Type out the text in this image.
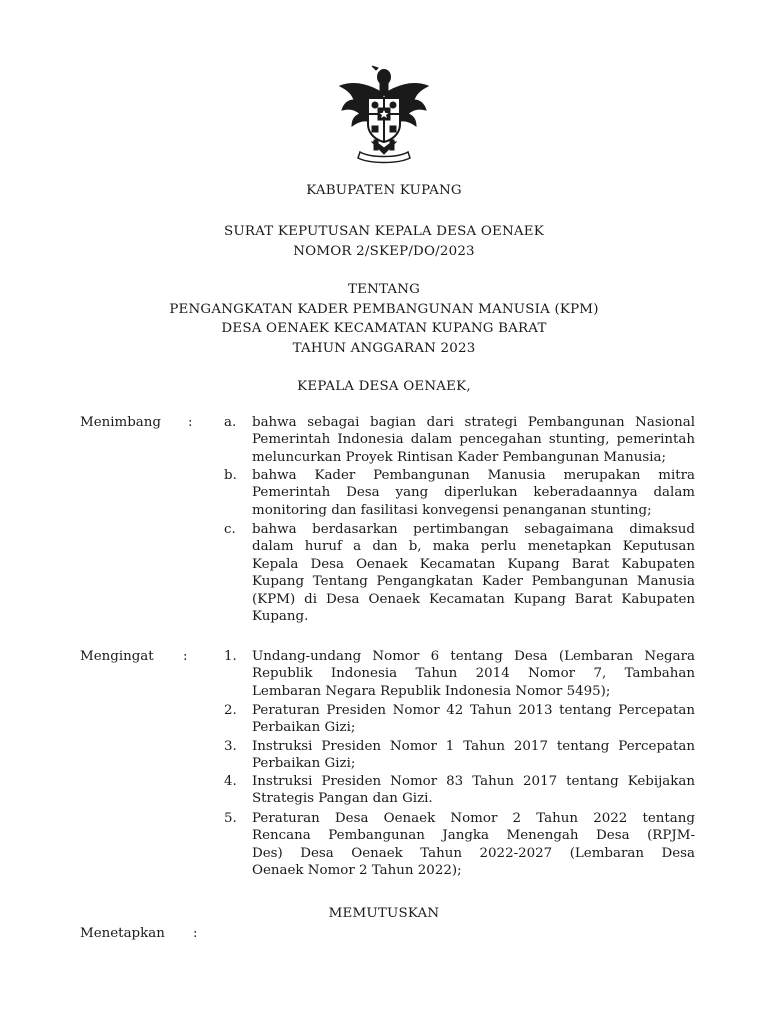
KABUPATEN KUPANG
SURAT KEPUTUSAN KEPALA DESA OENAEK
NOMOR 2/SKEP/DO/2023
TENTANG
PENGANGKATAN KADER PEMBANGUNAN MANUSIA (KPM)
DESA OENAEK KECAMATAN KUPANG BARAT
TAHUN ANGGARAN 2023
KEPALA DESA OENAEK,
Menimbang : a.	bahwa sebagai bagian dari strategi Pembangunan Nasional
Pemerintah Indonesia dalam pencegahan stunting, pemerintah
meluncurkan Proyek Rintisan Kader Pembangunan Manusia;
b.	bahwa Kader Pembangunan Manusia merupakan mitra
Pemerintah Desa yang diperlukan keberadaannya dalam
monitoring dan fasilitasi konvegensi penanganan stunting;
c.	bahwa berdasarkan pertimbangan sebagaimana dimaksud
dalam huruf a dan b, maka perlu menetapkan Keputusan
Kepala Desa Oenaek Kecamatan Kupang Barat Kabupaten
Kupang Tentang Pengangkatan Kader Pembangunan Manusia
(KPM) di Desa Oenaek Kecamatan Kupang Barat Kabupaten
Kupang.
Mengingat :	1.	Undang-undang Nomor 6 tentang Desa (Lembaran Negara
Republik Indonesia Tahun 2014 Nomor 7, Tambahan
Lembaran Negara Republik Indonesia Nomor 5495);
2.	Peraturan Presiden Nomor 42 Tahun 2013 tentang Percepatan
Perbaikan Gizi;
3.	Instruksi Presiden Nomor 1 Tahun 2017 tentang Percepatan
Perbaikan Gizi;
4.	Instruksi Presiden Nomor 83 Tahun 2017 tentang Kebijakan
Strategis Pangan dan Gizi.
5.	Peraturan Desa Oenaek Nomor 2 Tahun 2022 tentang
Rencana Pembangunan Jangka Menengah Desa (RPJM-
Des) Desa Oenaek Tahun 2022-2027 (Lembaran Desa
Oenaek Nomor 2 Tahun 2022);
MEMUTUSKAN
Menetapkan :
